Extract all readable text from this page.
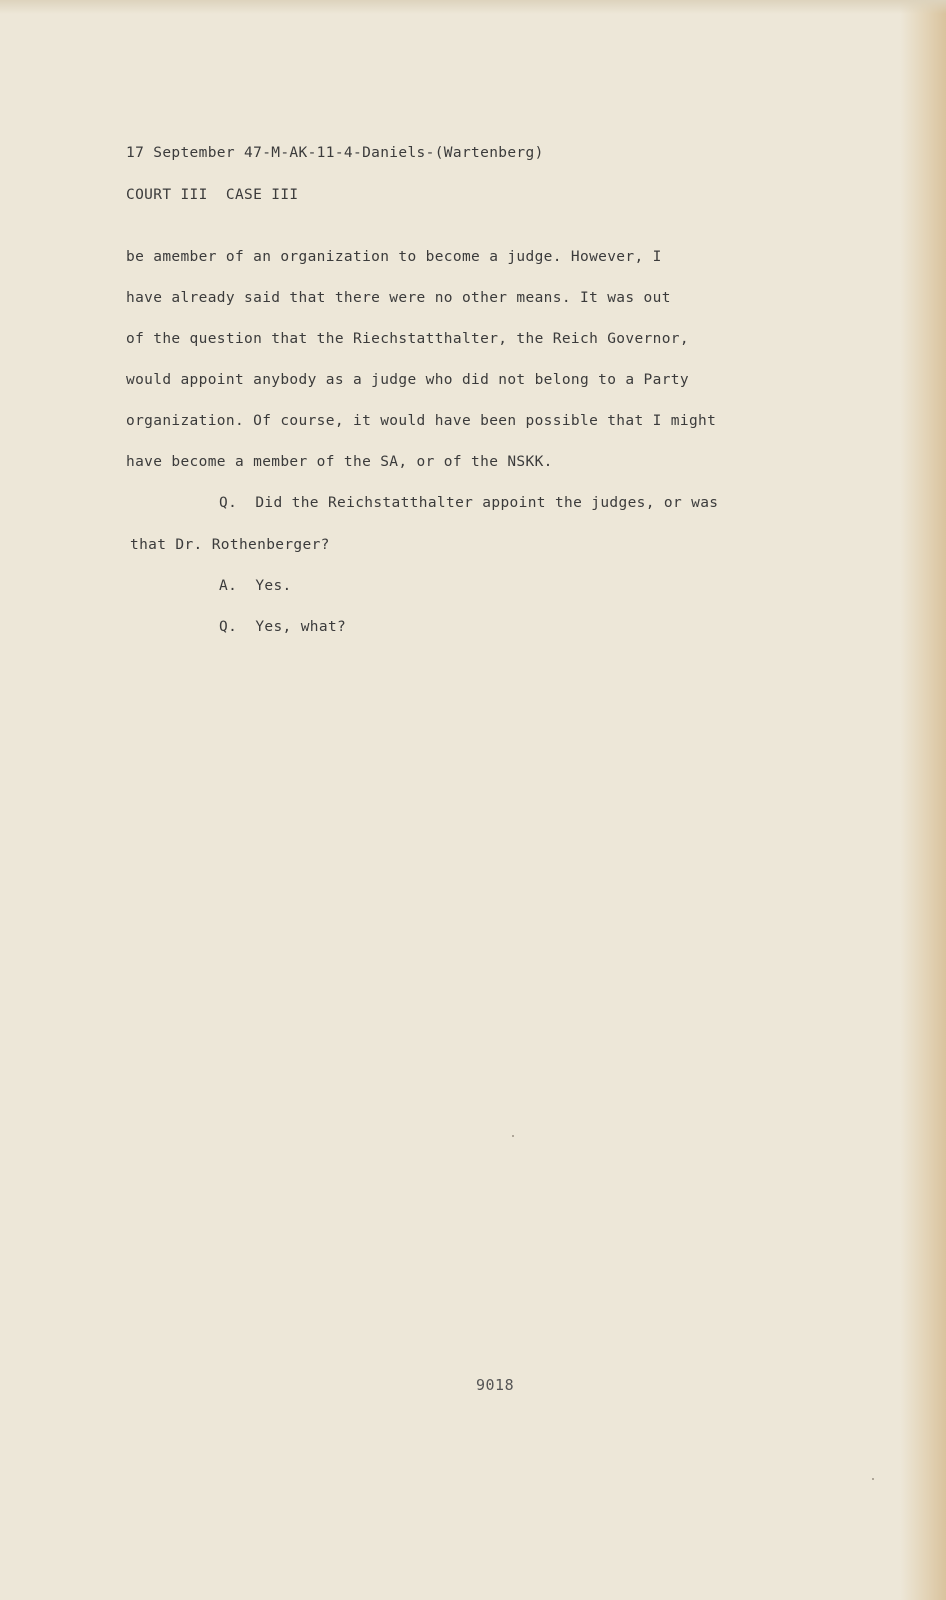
17 September 47-M-AK-11-4-Daniels-(Wartenberg)

COURT III  CASE III

be amember of an organization to become a judge. However, I

have already said that there were no other means. It was out

of the question that the Riechstatthalter, the Reich Governor,

would appoint anybody as a judge who did not belong to a Party

organization. Of course, it would have been possible that I might

have become a member of the SA, or of the NSKK.

Q.  Did the Reichstatthalter appoint the judges, or was

that Dr. Rothenberger?

A.  Yes.

Q.  Yes, what?

9018
